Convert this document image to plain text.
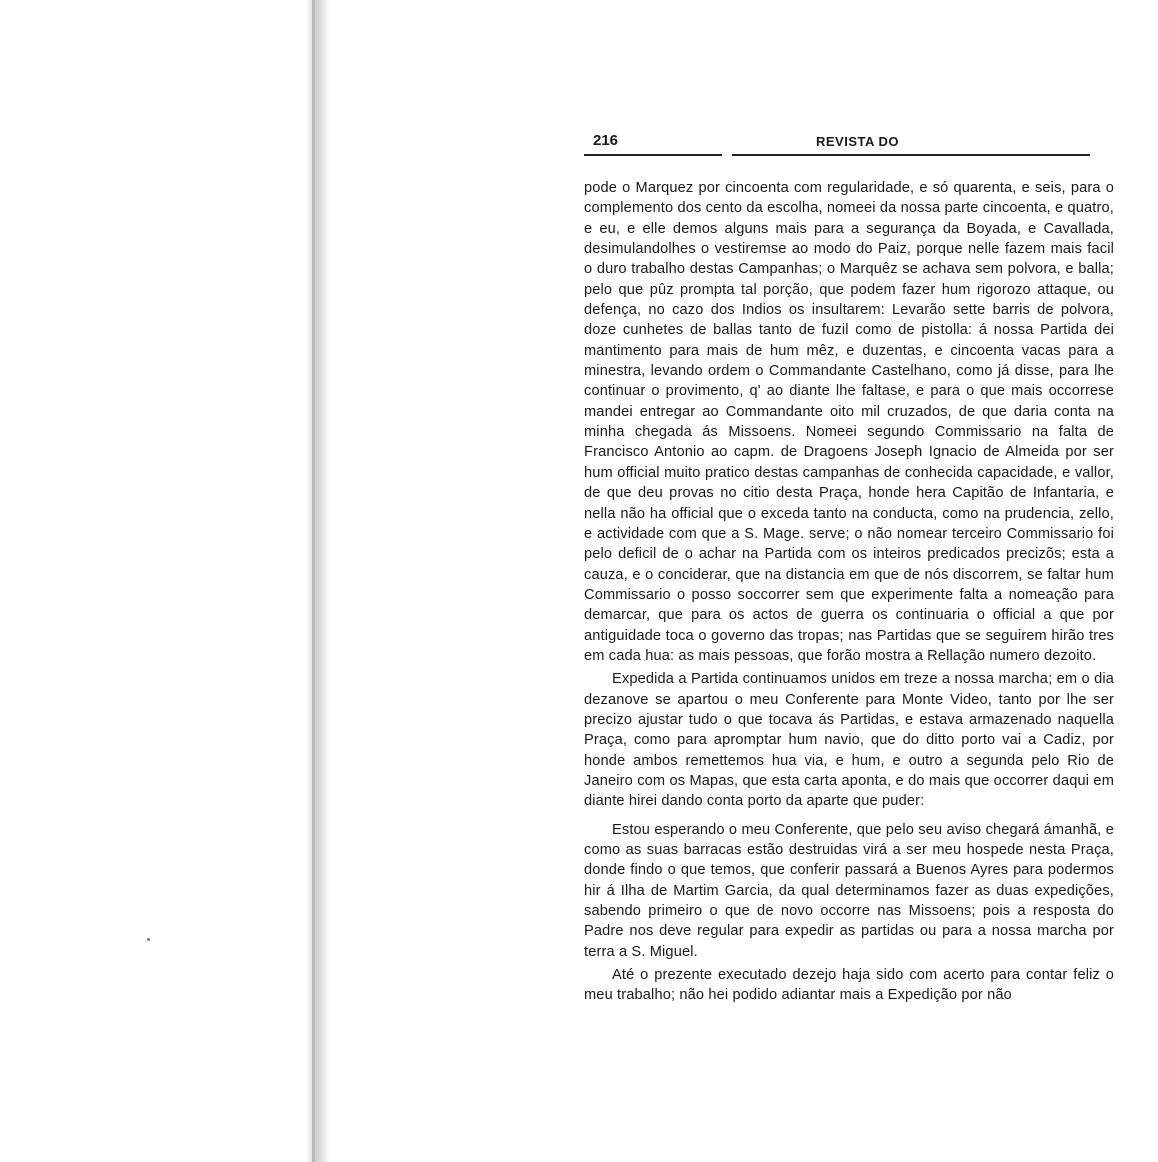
216	REVISTA DO

pode o Marquez por cincoenta com regularidade, e só quarenta, e seis, para o complemento dos cento da escolha, nomeei da nossa parte cincoenta, e quatro, e eu, e elle demos alguns mais para a segurança da Boyada, e Cavallada, desimulandolhes o vestiremse ao modo do Paiz, porque nelle fazem mais facil o duro trabalho destas Campanhas; o Marquêz se achava sem polvora, e balla; pelo que pûz prompta tal porção, que podem fazer hum rigorozo attaque, ou defença, no cazo dos Indios os insultarem: Levarão sette barris de polvora, doze cunhetes de ballas tanto de fuzil como de pistolla: á nossa Partida dei mantimento para mais de hum mêz, e duzentas, e cincoenta vacas para a minestra, levando ordem o Commandante Castelhano, como já disse, para lhe continuar o provimento, q' ao diante lhe faltase, e para o que mais occorrese mandei entregar ao Commandante oito mil cruzados, de que daria conta na minha chegada ás Missoens. Nomeei segundo Commissario na falta de Francisco Antonio ao capm. de Dragoens Joseph Ignacio de Almeida por ser hum official muito pratico destas campanhas de conhecida capacidade, e vallor, de que deu provas no citio desta Praça, honde hera Capitão de Infantaria, e nella não ha official que o exceda tanto na conducta, como na prudencia, zello, e actividade com que a S. Mage. serve; o não nomear terceiro Commissario foi pelo deficil de o achar na Partida com os inteiros predicados precizõs; esta a cauza, e o conciderar, que na distancia em que de nós discorrem, se faltar hum Commissario o posso soccorrer sem que experimente falta a nomeação para demarcar, que para os actos de guerra os continuaria o official a que por antiguidade toca o governo das tropas; nas Partidas que se seguirem hirão tres em cada hua: as mais pessoas, que forão mostra a Rellação numero dezoito.

Expedida a Partida continuamos unidos em treze a nossa marcha; em o dia dezanove se apartou o meu Conferente para Monte Video, tanto por lhe ser precizo ajustar tudo o que tocava ás Partidas, e estava armazenado naquella Praça, como para apromptar hum navio, que do ditto porto vai a Cadiz, por honde ambos remettemos hua via, e hum, e outro a segunda pelo Rio de Janeiro com os Mapas, que esta carta aponta, e do mais que occorrer daqui em diante hirei dando conta porto da aparte que puder:

Estou esperando o meu Conferente, que pelo seu aviso chegará ámanhã, e como as suas barracas estão destruidas virá a ser meu hospede nesta Praça, donde findo o que temos, que conferir passará a Buenos Ayres para podermos hir á Ilha de Martim Garcia, da qual determinamos fazer as duas expedições, sabendo primeiro o que de novo occorre nas Missoens; pois a resposta do Padre nos deve regular para expedir as partidas ou para a nossa marcha por terra a S. Miguel.

Até o prezente executado dezejo haja sido com acerto para contar feliz o meu trabalho; não hei podido adiantar mais a Expedição por não
